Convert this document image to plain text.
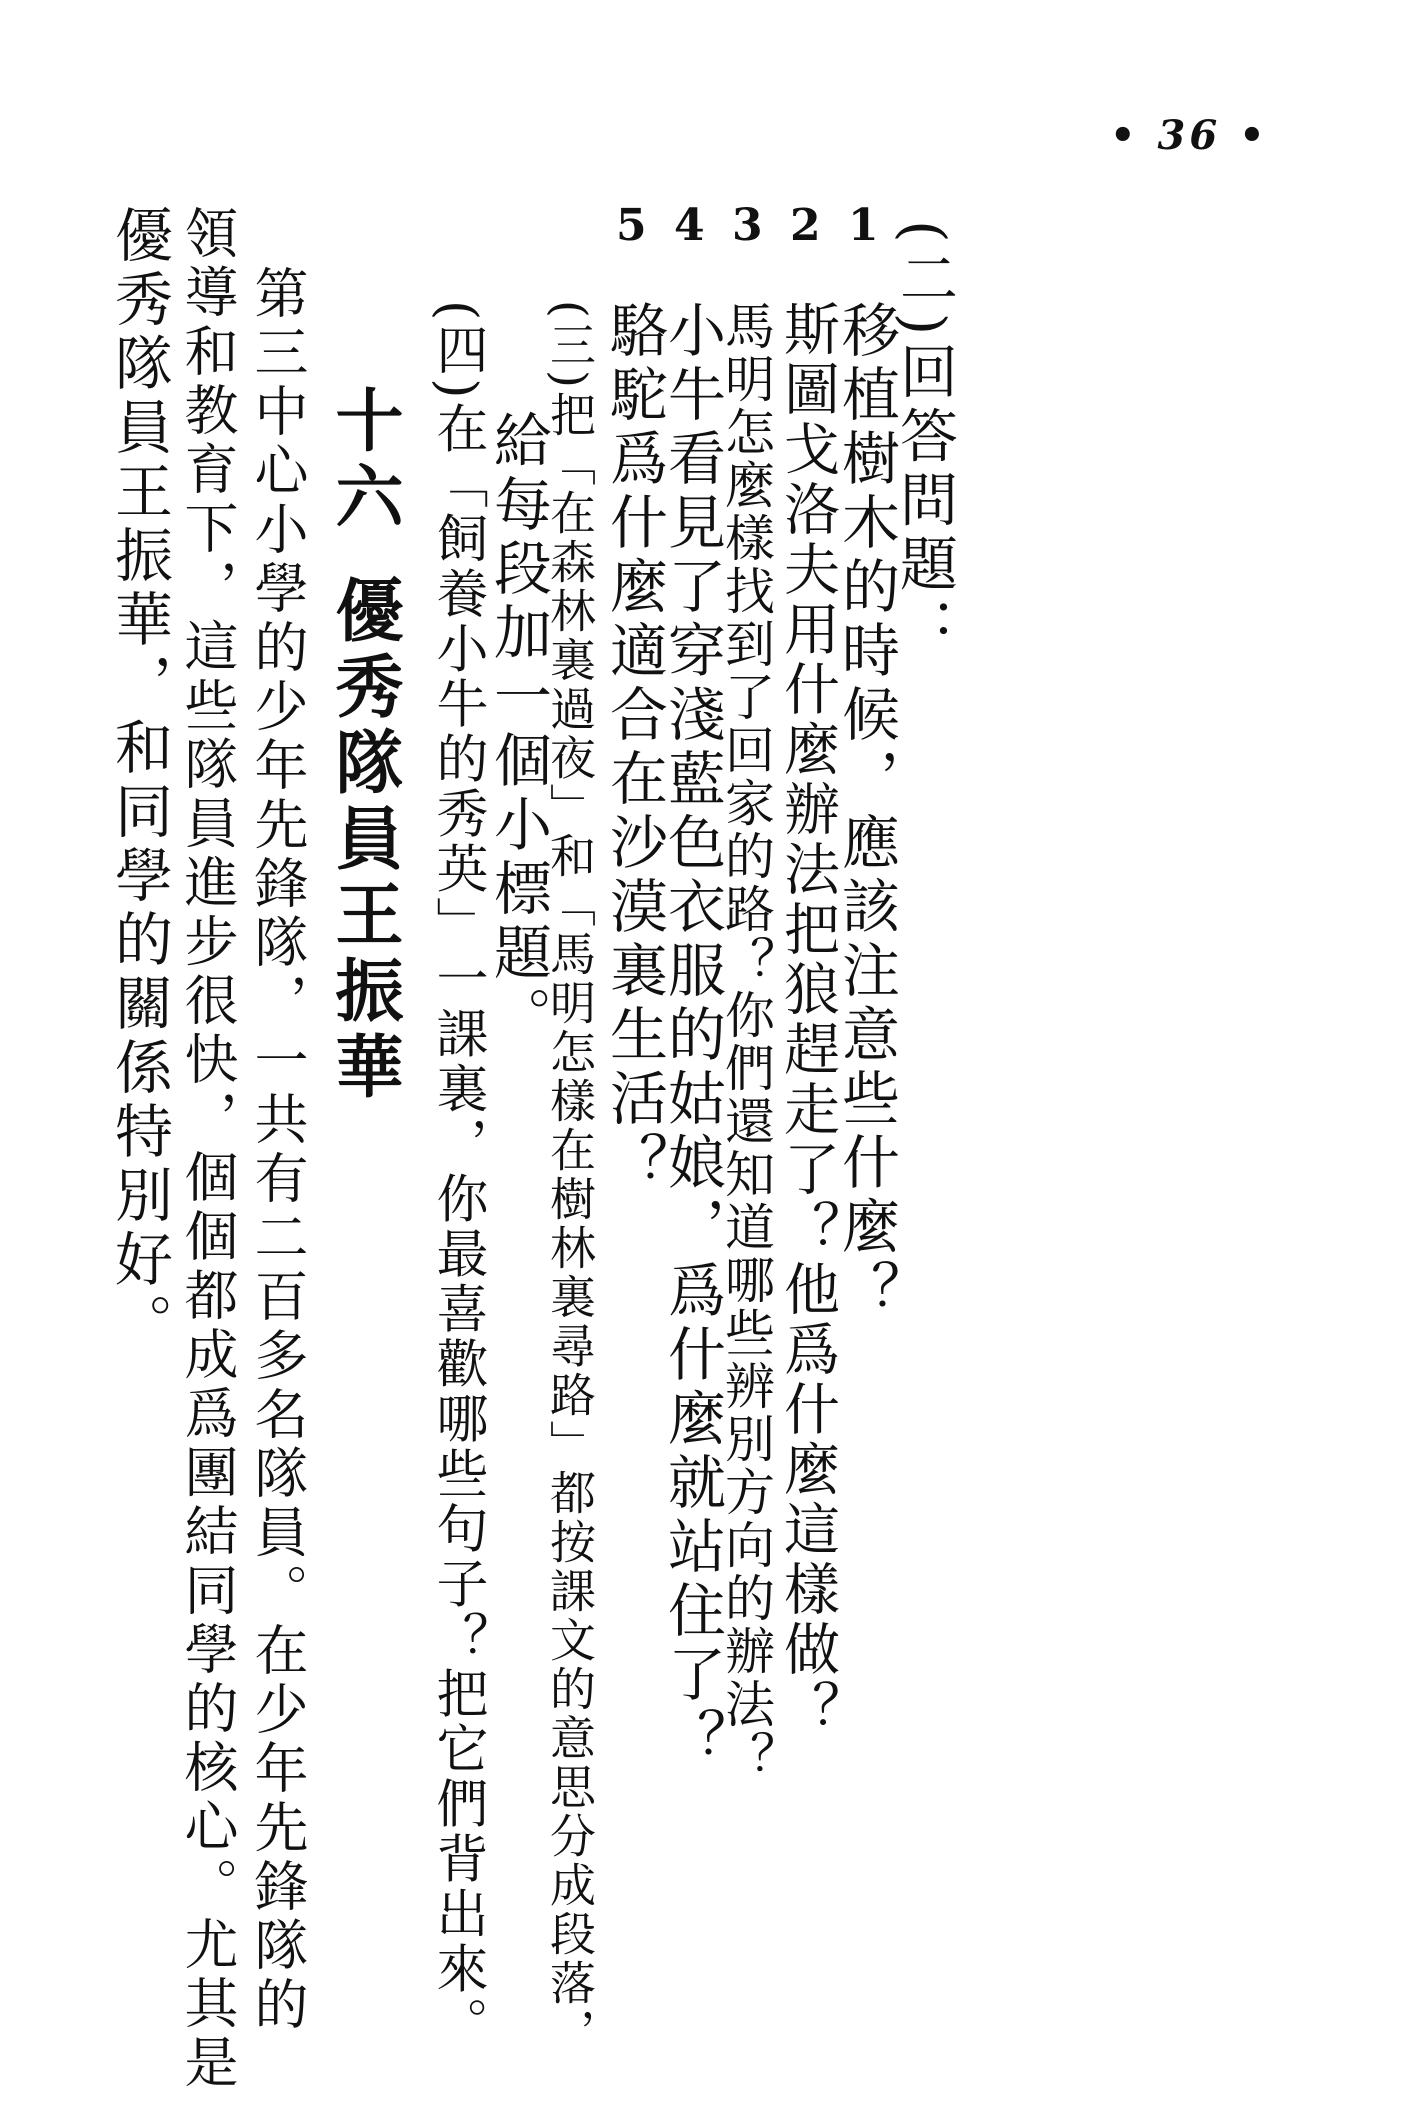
• 36 •
(二)回答問題：
1
2
3
4
5
移植樹木的時候，應該注意些什麼？
斯圖戈洛夫用什麼辦法把狼趕走了？他爲什麼這樣做？
馬明怎麼樣找到了回家的路？你們還知道哪些辨別方向的辦法？
小牛看見了穿淺藍色衣服的姑娘，爲什麼就站住了？
駱駝爲什麼適合在沙漠裏生活？
(三)把「在森林裏過夜」和「馬明怎樣在樹林裏尋路」都按課文的意思分成段落，
給每段加一個小標題。
(四)在「飼養小牛的秀英」一課裏，你最喜歡哪些句子？把它們背出來。
十六
優秀隊員王振華
第三中心小學的少年先鋒隊，一共有二百多名隊員。在少年先鋒隊的
領導和教育下，這些隊員進步很快，個個都成爲團結同學的核心。尤其是
優秀隊員王振華，和同學的關係特別好。
